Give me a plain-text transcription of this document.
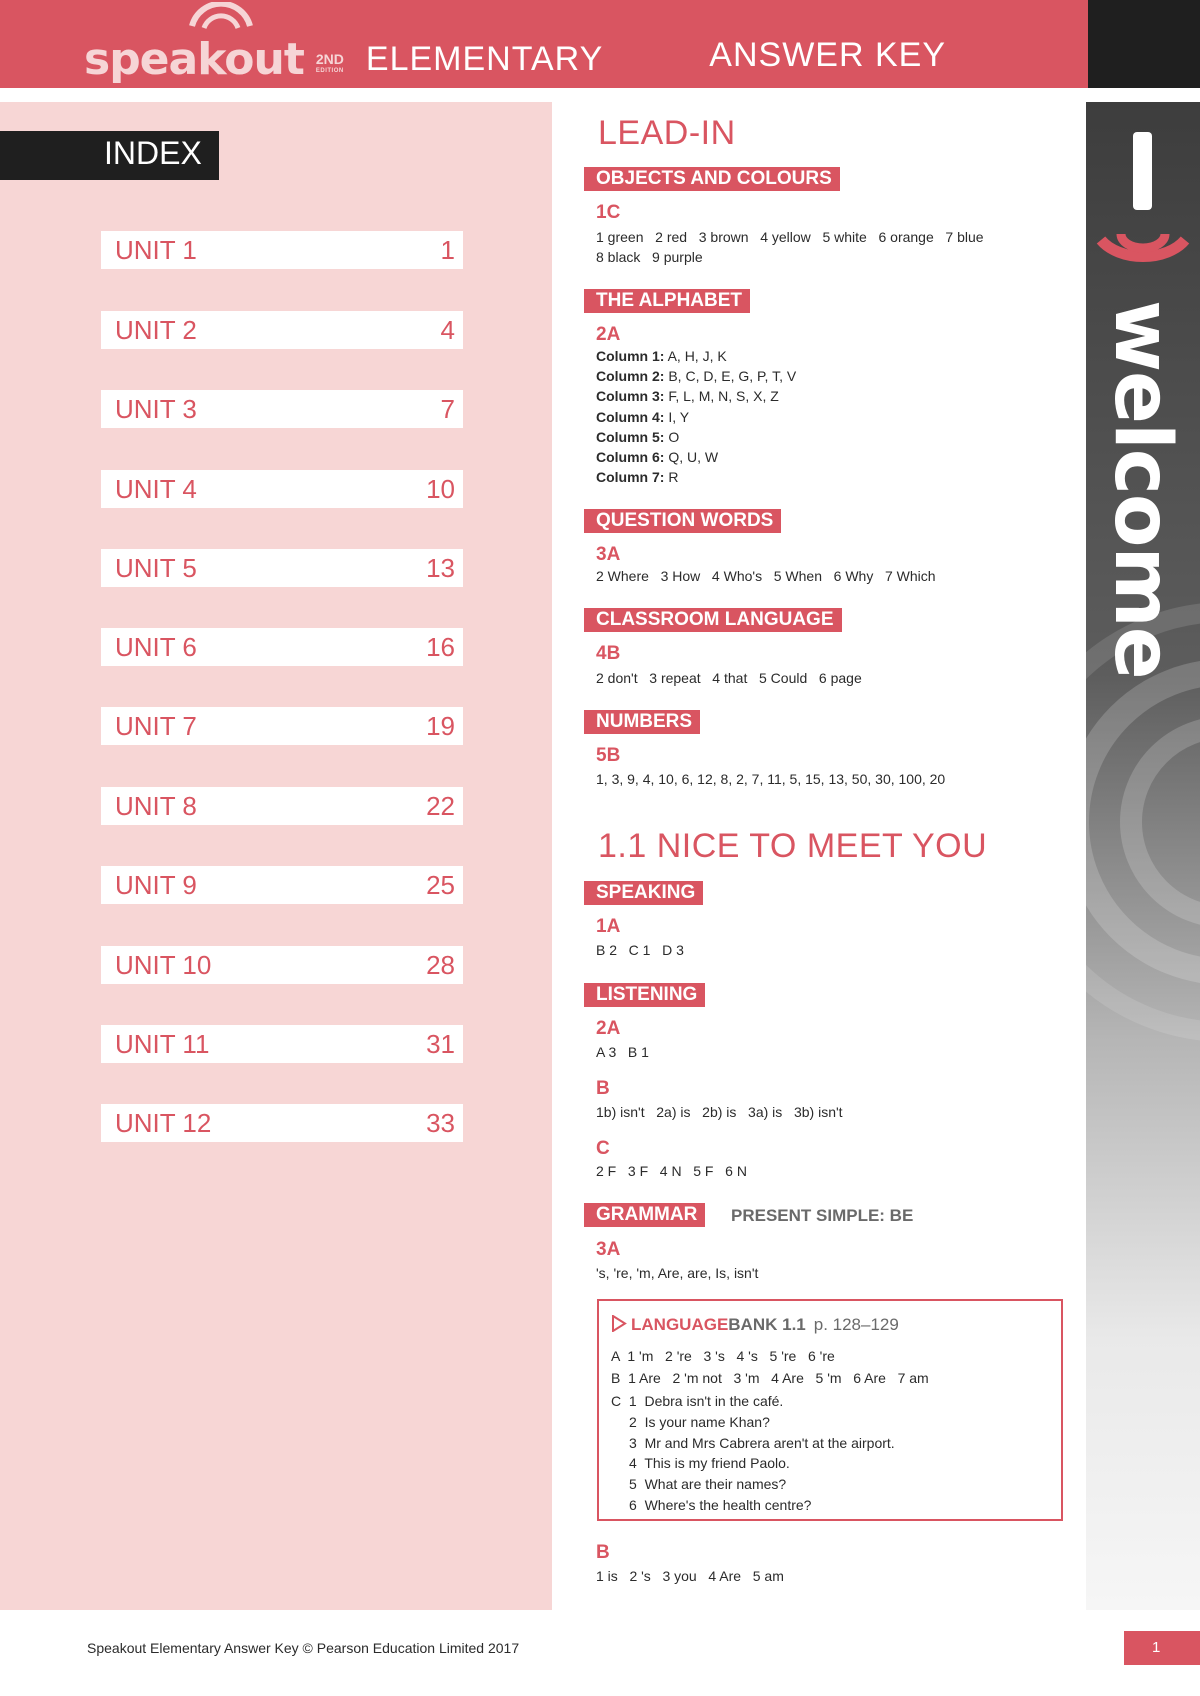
speakout 2ND
EDITION ELEMENTARY	ANSWER KEY
INDEX
UNIT 1	1
UNIT 2	4
UNIT 3	7
UNIT 4	10
UNIT 5	13
UNIT 6	16
UNIT 7	19
UNIT 8	22
UNIT 9	25
UNIT 10	28
UNIT 11	31
UNIT 12	33
welcome
LEAD-IN
OBJECTS AND COLOURS
1C
1 green   2 red   3 brown   4 yellow   5 white   6 orange   7 blue
8 black   9 purple
THE ALPHABET
2A
Column 1: A, H, J, K
Column 2: B, C, D, E, G, P, T, V
Column 3: F, L, M, N, S, X, Z
Column 4: I, Y
Column 5: O
Column 6: Q, U, W
Column 7: R
QUESTION WORDS
3A
2 Where   3 How   4 Who's   5 When   6 Why   7 Which
CLASSROOM LANGUAGE
4B
2 don't   3 repeat   4 that   5 Could   6 page
NUMBERS
5B
1, 3, 9, 4, 10, 6, 12, 8, 2, 7, 11, 5, 15, 13, 50, 30, 100, 20
1.1 NICE TO MEET YOU
SPEAKING
1A
B 2   C 1   D 3
LISTENING
2A
A 3   B 1
B
1b) isn't   2a) is   2b) is   3a) is   3b) isn't
C
2 F   3 F   4 N   5 F   6 N
GRAMMAR	PRESENT SIMPLE: BE
3A
's, 're, 'm, Are, are, Is, isn't
LANGUAGEBANK 1.1 p. 128–129
A  1 'm   2 're   3 's   4 's   5 're   6 're
B  1 Are   2 'm not   3 'm   4 Are   5 'm   6 Are   7 am
C  1  Debra isn't in the café.
2  Is your name Khan?
3  Mr and Mrs Cabrera aren't at the airport.
4  This is my friend Paolo.
5  What are their names?
6  Where's the health centre?
B
1 is   2 's   3 you   4 Are   5 am
Speakout Elementary Answer Key © Pearson Education Limited 2017	1
